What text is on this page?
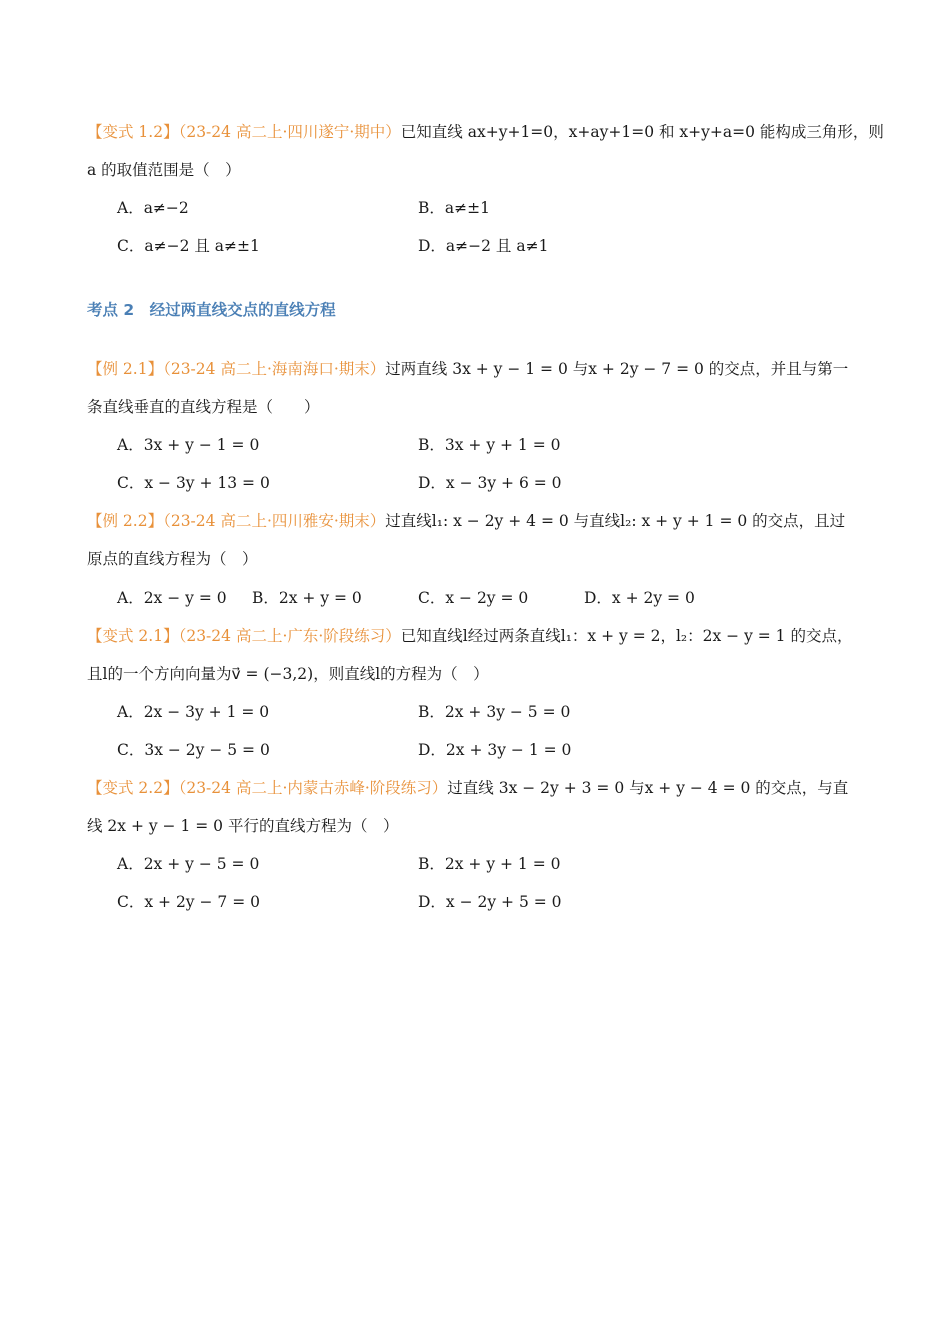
【变式 1.2】（23-24 高二上·四川遂宁·期中）已知直线 ax+y+1=0，x+ay+1=0 和 x+y+a=0 能构成三角形，则
a 的取值范围是（　）
A．a≠−2	B．a≠±1
C．a≠−2 且 a≠±1	D．a≠−2 且 a≠1
考点 2　经过两直线交点的直线方程
【例 2.1】（23-24 高二上·海南海口·期末）过两直线 3x + y − 1 = 0 与x + 2y − 7 = 0 的交点，并且与第一
条直线垂直的直线方程是（　　）
A．3x + y − 1 = 0	B．3x + y + 1 = 0
C．x − 3y + 13 = 0	D．x − 3y + 6 = 0
【例 2.2】（23-24 高二上·四川雅安·期末）过直线l₁: x − 2y + 4 = 0 与直线l₂: x + y + 1 = 0 的交点，且过
原点的直线方程为（　）
A．2x − y = 0 B．2x + y = 0	C．x − 2y = 0	D．x + 2y = 0
【变式 2.1】（23-24 高二上·广东·阶段练习）已知直线l经过两条直线l₁：x + y = 2，l₂：2x − y = 1 的交点，
且l的一个方向向量为v⃗ = (−3,2)，则直线l的方程为（　）
A．2x − 3y + 1 = 0	B．2x + 3y − 5 = 0
C．3x − 2y − 5 = 0	D．2x + 3y − 1 = 0
【变式 2.2】（23-24 高二上·内蒙古赤峰·阶段练习）过直线 3x − 2y + 3 = 0 与x + y − 4 = 0 的交点，与直
线 2x + y − 1 = 0 平行的直线方程为（　）
A．2x + y − 5 = 0	B．2x + y + 1 = 0
C．x + 2y − 7 = 0	D．x − 2y + 5 = 0
